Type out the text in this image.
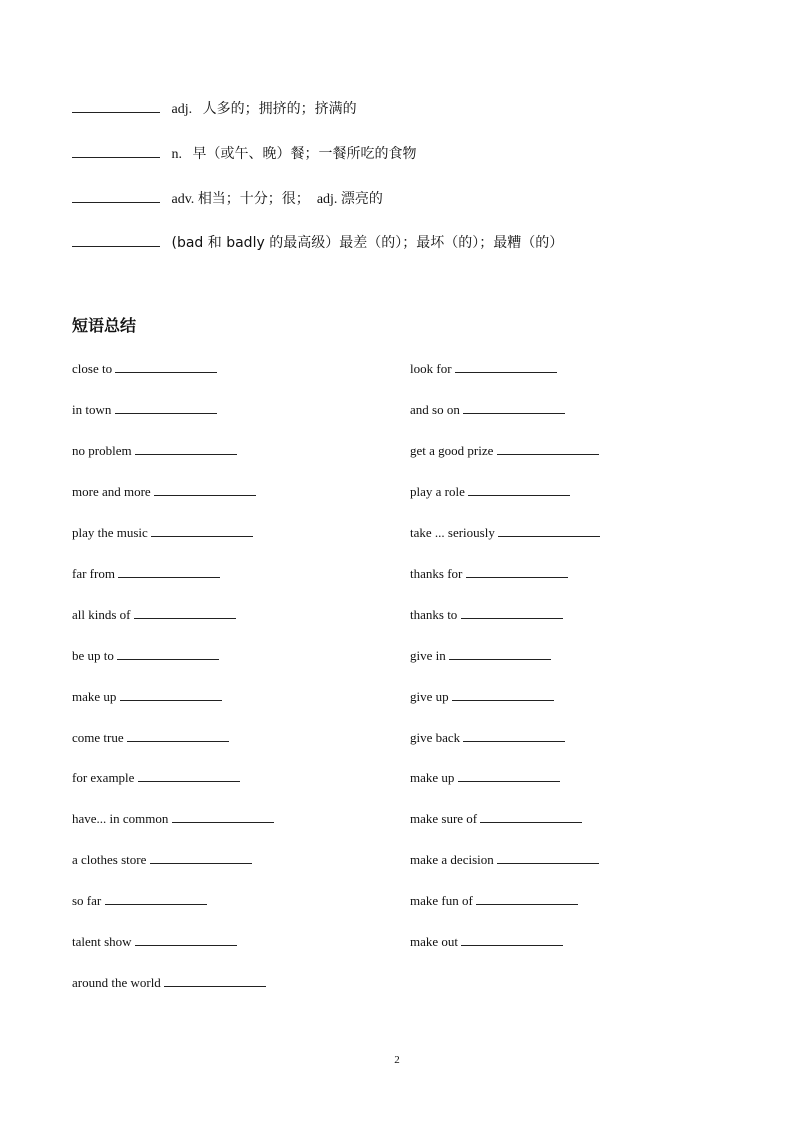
adj. 人多的；拥挤的；挤满的
n. 早（或午、晚）餐；一餐所吃的食物
adv. 相当；十分；很； adj. 漂亮的
(bad 和 badly 的最高级）最差（的）；最坏（的）；最糟（的）
短语总结
close to
in town
no problem
more and more
play the music
far from
all kinds of
be up to
make up
come true
for example
have... in common
a clothes store
so far
talent show
around the world
look for
and so on
get a good prize
play a role
take ... seriously
thanks for
thanks to
give in
give up
give back
make up
make sure of
make a decision
make fun of
make out
2
